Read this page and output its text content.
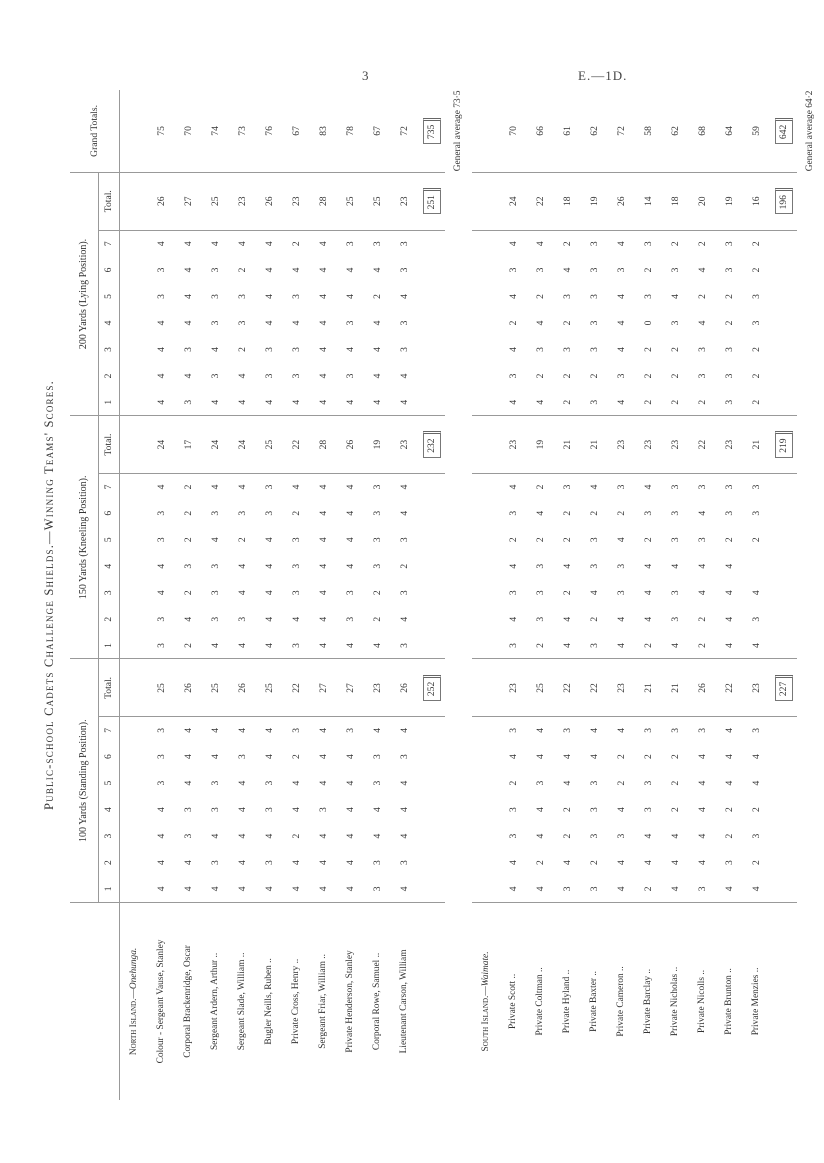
3	E.—1D.
Public-school Cadets Challenge Shields.—Winning Teams' Scores.
	100 Yards (Standing Position).								150 Yards (Kneeling Position).								200 Yards (Lying Position).								Grand Totals.
	1	2	3	4	5	6	7	Total.	1	2	3	4	5	6	7	Total.	1	2	3	4	5	6	7	Total.	
North Island.—Onehunga.																									
Colour - Sergeant Vause, Stanley	4	4	4	4	3	3	3	25	3	3	4	4	3	3	4	24	4	4	4	4	3	3	4	26	75
Corporal Brackenridge, Oscar	4	4	3	3	4	4	4	26	2	4	2	3	2	2	2	17	3	4	3	4	4	4	4	27	70
Sergeant Ardern, Arthur ..	4	3	4	3	3	4	4	25	4	3	3	3	4	3	4	24	4	3	4	3	3	3	4	25	74
Sergeant Slade, William ..	4	4	4	4	4	3	4	26	4	3	4	4	2	3	4	24	4	4	2	3	3	2	4	23	73
Bugler Neills, Ruben ..	4	3	4	3	3	4	4	25	4	4	4	4	4	3	3	25	4	3	3	4	4	4	4	26	76
Private Cross, Henry ..	4	4	2	4	4	2	3	22	3	4	3	3	3	2	4	22	4	3	3	4	3	4	2	23	67
Sergeant Friar, William ..	4	4	4	3	4	4	4	27	4	4	4	4	4	4	4	28	4	4	4	4	4	4	4	28	83
Private Henderson, Stanley	4	4	4	4	4	4	3	27	4	3	3	4	4	4	4	26	4	3	4	3	4	4	3	25	78
Corporal Rowe, Samuel ..	3	3	4	4	3	3	4	23	4	2	2	3	3	3	3	19	4	4	4	4	2	4	3	25	67
Lieutenant Carson, William	4	3	4	4	4	3	4	26	3	4	3	2	3	4	4	23	4	4	3	3	4	3	3	23	72
								252								232								251	735
																									General average 73·5
South Island.—Waimate.																									
Private Scott ..	4	4	3	3	2	4	3	23	3	4	3	4	2	3	4	23	4	3	4	2	4	3	4	24	70
Private Coltman ..	4	2	4	4	3	4	4	25	2	3	3	3	2	4	2	19	4	2	3	4	2	3	4	22	66
Private Hyland ..	3	4	2	2	4	4	3	22	4	4	2	4	2	2	3	21	2	2	3	2	3	4	2	18	61
Private Baxter ..	3	2	3	3	3	4	4	22	3	2	4	3	3	2	4	21	3	2	3	3	3	3	3	19	62
Private Cameron ..	4	4	3	4	2	2	4	23	4	4	3	3	4	2	3	23	4	3	4	4	4	3	4	26	72
Private Barclay ..	2	4	4	3	3	2	3	21	2	4	4	4	2	3	4	23	2	2	2	0	3	2	3	14	58
Private Nicholas ..	4	4	4	2	2	2	3	21	4	3	3	4	3	3	3	23	2	2	2	3	4	3	2	18	62
Private Nicolls ..	3	4	4	4	4	4	3	26	2	2	4	4	3	4	3	22	2	3	3	4	2	4	2	20	68
Private Brunton ..	4	3	2	2	4	4	4	22	4	4	4	4	2	3	3	23	3	3	3	2	2	3	3	19	64
Private Menzies ..	4	2	3	2	4	4	3	23	4	3	4		2	3	3	21	2	2	2	3	3	2	2	16	59
								227								219								196	642
																									General average 64·2
